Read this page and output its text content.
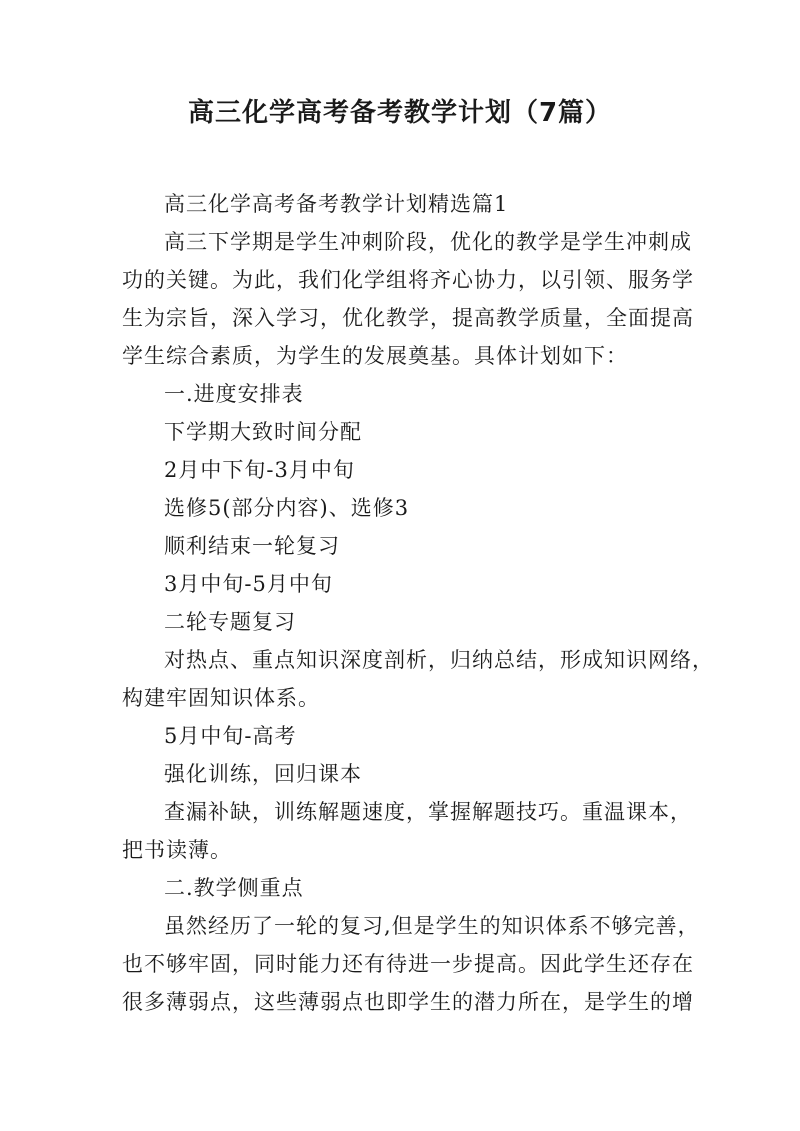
高三化学高考备考教学计划（7篇）
高三化学高考备考教学计划精选篇1
高三下学期是学生冲刺阶段，优化的教学是学生冲刺成
功的关键。为此，我们化学组将齐心协力，以引领、服务学
生为宗旨，深入学习，优化教学，提高教学质量，全面提高
学生综合素质，为学生的发展奠基。具体计划如下：
一.进度安排表
下学期大致时间分配
2月中下旬-3月中旬
选修5(部分内容)、选修3
顺利结束一轮复习
3月中旬-5月中旬
二轮专题复习
对热点、重点知识深度剖析，归纳总结，形成知识网络，
构建牢固知识体系。
5月中旬-高考
强化训练，回归课本
查漏补缺，训练解题速度，掌握解题技巧。重温课本，
把书读薄。
二.教学侧重点
虽然经历了一轮的复习,但是学生的知识体系不够完善，
也不够牢固，同时能力还有待进一步提高。因此学生还存在
很多薄弱点，这些薄弱点也即学生的潜力所在，是学生的增
